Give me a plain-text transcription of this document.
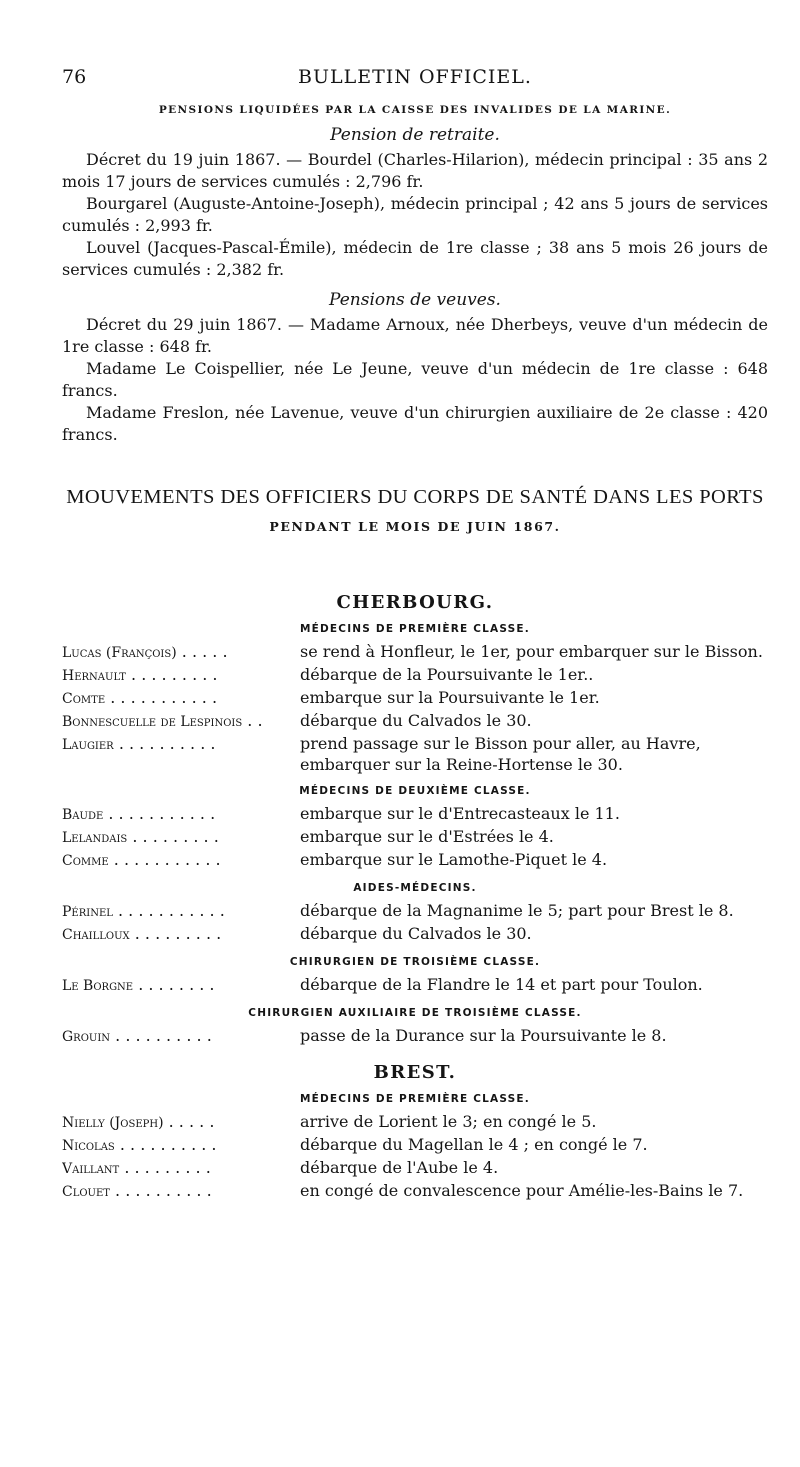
76	BULLETIN OFFICIEL.
PENSIONS LIQUIDÉES PAR LA CAISSE DES INVALIDES DE LA MARINE.
Pension de retraite.

Décret du 19 juin 1867. — Bourdel (Charles-Hilarion), médecin principal : 35 ans 2 mois 17 jours de services cumulés : 2,796 fr.

Bourgarel (Auguste-Antoine-Joseph), médecin principal ; 42 ans 5 jours de services cumulés : 2,993 fr.

Louvel (Jacques-Pascal-Émile), médecin de 1re classe ; 38 ans 5 mois 26 jours de services cumulés : 2,382 fr.

Pensions de veuves.

Décret du 29 juin 1867. — Madame Arnoux, née Dherbeys, veuve d'un médecin de 1re classe : 648 fr.

Madame Le Coispellier, née Le Jeune, veuve d'un médecin de 1re classe : 648 francs.

Madame Freslon, née Lavenue, veuve d'un chirurgien auxiliaire de 2e classe : 420 francs.

MOUVEMENTS DES OFFICIERS DU CORPS DE SANTÉ DANS LES PORTS
PENDANT LE MOIS DE JUIN 1867.
CHERBOURG.
MÉDECINS DE PREMIÈRE CLASSE.
Lucas (François) . . . . .	se rend à Honfleur, le 1er, pour embarquer sur le Bisson.
Hernault . . . . . . . . .	débarque de la Poursuivante le 1er..
Comte . . . . . . . . . . .	embarque sur la Poursuivante le 1er.
Bonnescuelle de Lespinois . .	débarque du Calvados le 30.
Laugier . . . . . . . . . .	prend passage sur le Bisson pour aller, au Havre, embarquer sur la Reine-Hortense le 30.
MÉDECINS DE DEUXIÈME CLASSE.
Baude . . . . . . . . . . .	embarque sur le d'Entrecasteaux le 11.
Lelandais . . . . . . . . .	embarque sur le d'Estrées le 4.
Comme . . . . . . . . . . .	embarque sur le Lamothe-Piquet le 4.
AIDES-MÉDECINS.
Périnel . . . . . . . . . . .	débarque de la Magnanime le 5; part pour Brest le 8.
Chailloux . . . . . . . . .	débarque du Calvados le 30.
CHIRURGIEN DE TROISIÈME CLASSE.
Le Borgne . . . . . . . .	débarque de la Flandre le 14 et part pour Toulon.
CHIRURGIEN AUXILIAIRE DE TROISIÈME CLASSE.
Grouin . . . . . . . . . .	passe de la Durance sur la Poursuivante le 8.
BREST.
MÉDECINS DE PREMIÈRE CLASSE.
Nielly (Joseph) . . . . .	arrive de Lorient le 3; en congé le 5.
Nicolas . . . . . . . . . .	débarque du Magellan le 4 ; en congé le 7.
Vaillant . . . . . . . . .	débarque de l'Aube le 4.
Clouet . . . . . . . . . .	en congé de convalescence pour Amélie-les-Bains le 7.
